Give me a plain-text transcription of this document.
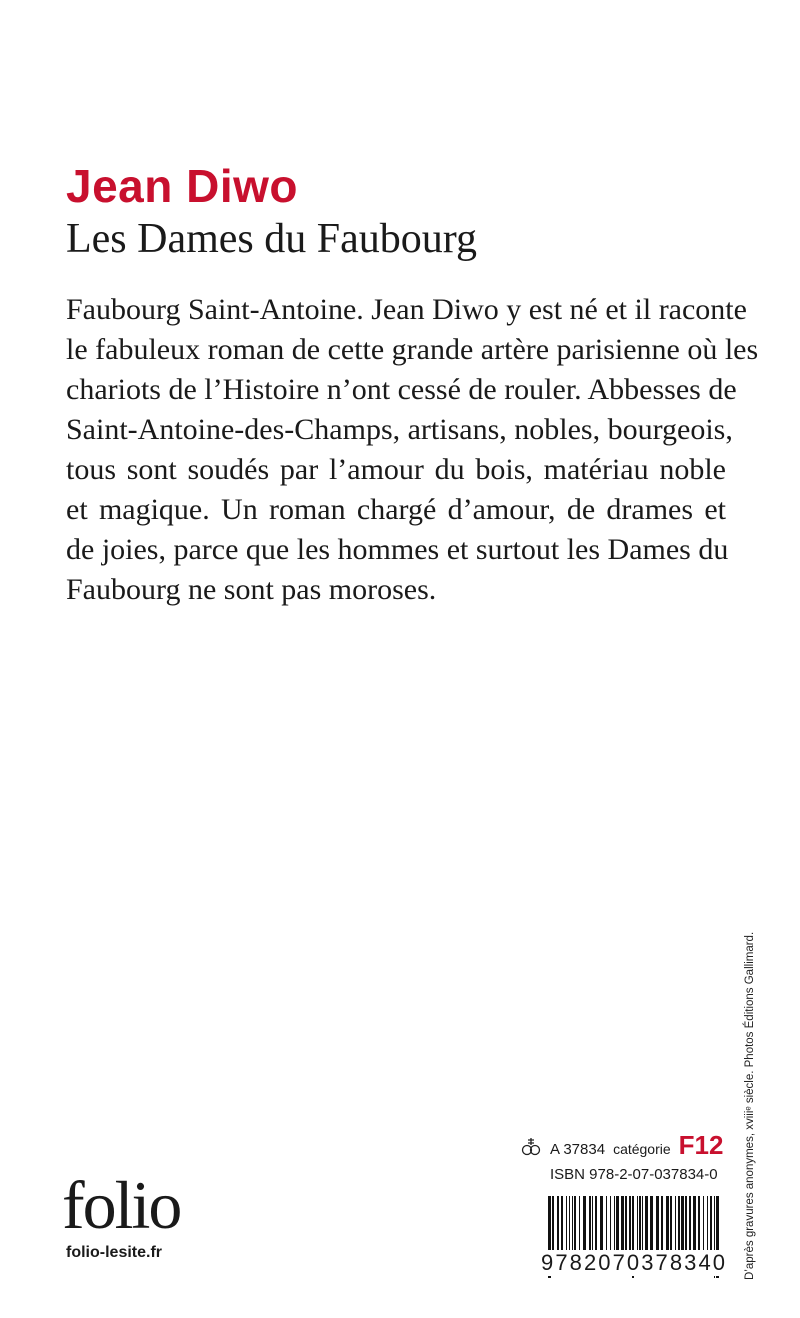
Jean Diwo
Les Dames du Faubourg
Faubourg Saint-Antoine. Jean Diwo y est né et il raconte
le fabuleux roman de cette grande artère parisienne où les
chariots de l’Histoire n’ont cessé de rouler. Abbesses de
Saint-Antoine-des-Champs, artisans, nobles, bourgeois,
tous sont soudés par l’amour du bois, matériau noble
et magique. Un roman chargé d’amour, de drames et
de joies, parce que les hommes et surtout les Dames du
Faubourg ne sont pas moroses.
D’après gravures anonymes, xviiiᵉ siècle. Photos Éditions Gallimard.
A 37834 catégorie F12
ISBN 978-2-07-037834-0
9 7 8 2 0 7 0 3 7 8 3 4 0
folio
folio-lesite.fr
